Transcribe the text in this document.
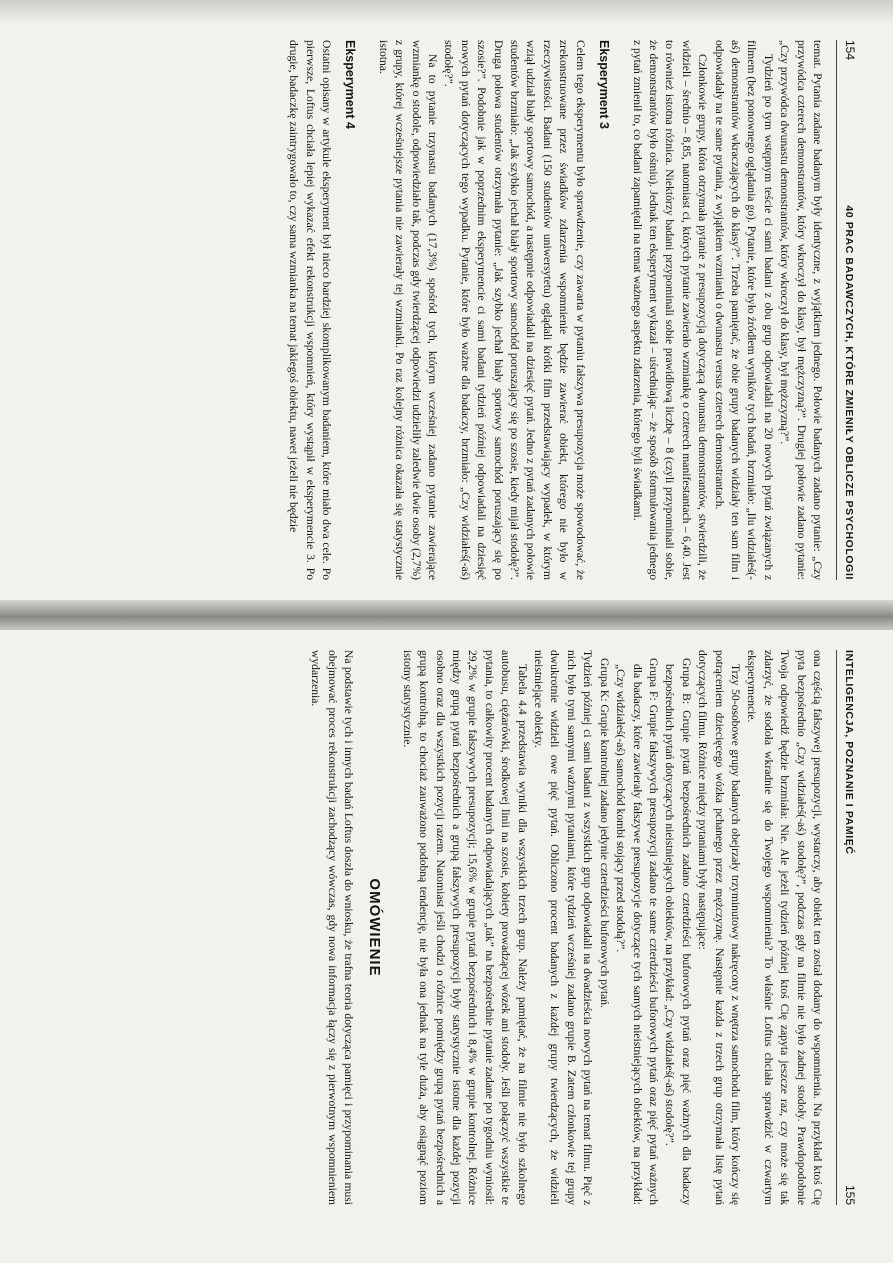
154
40 PRAC BADAWCZYCH, KTÓRE ZMIENIŁY OBLICZE PSYCHOLOGII

temat. Pytania zadane badanym były identyczne, z wyjątkiem jednego. Połowie badanych zadano pytanie: „Czy przywódca czterech demonstrantów, który wkroczył do klasy, był mężczyzną?”. Drugiej połowie zadano pytanie: „Czy przywódca dwunastu demonstrantów, który wkroczył do klasy, był mężczyzną?”.

Tydzień po tym wstępnym teście ci sami badani z obu grup odpowiadali na 20 nowych pytań związanych z filmem (bez ponownego oglądania go). Pytanie, które było źródłem wyników tych badań, brzmiało: „Ilu widziałeś(-aś) demonstrantów wkraczających do klasy?”. Trzeba pamiętać, że obie grupy badanych widziały ten sam film i odpowiadały na te same pytania, z wyjątkiem wzmianki o dwunastu versus czterech demonstrantach.

Członkowie grupy, która otrzymała pytanie z presupozycją dotyczącą dwunastu demonstrantów, stwierdzili, że widzieli – średnio – 8,85, natomiast ci, których pytanie zawierało wzmiankę o czterech manifestantach – 6,40. Jest to również istotna różnica. Niektórzy badani przypominali sobie prawidłową liczbę – 8 (czyli przypominali sobie, że demonstrantów było ośmiu). Jednak ten eksperyment wykazał – uśredniając – że sposób sformułowania jednego z pytań zmienił to, co badani zapamiętali na temat ważnego aspektu zdarzenia, którego byli świadkami.

Eksperyment 3

Celem tego eksperymentu było sprawdzenie, czy zawarta w pytaniu fałszywa presupozycja może spowodować, że zrekonstruowane przez świadków zdarzenia wspomnienie będzie zawierać obiekt, którego nie było w rzeczywistości. Badani (150 studentów uniwersytetu) oglądali krótki film przedstawiający wypadek, w którym wziął udział biały sportowy samochód, a następnie odpowiadali na dziesięć pytań. Jedno z pytań zadanych połowie studentów brzmiało: „Jak szybko jechał biały sportowy samochód poruszający się po szosie, kiedy mijał stodołę?”. Druga połowa studentów otrzymała pytanie: „Jak szybko jechał biały sportowy samochód poruszający się po szosie?”. Podobnie jak w poprzednim eksperymencie ci sami badani tydzień później odpowiadali na dziesięć nowych pytań dotyczących tego wypadku. Pytanie, które było ważne dla badaczy, brzmiało: „Czy widziałeś(-aś) stodołę?”.

Na to pytanie trzynastu badanych (17,3%) spośród tych, którym wcześniej zadano pytanie zawierające wzmiankę o stodole, odpowiedziało tak, podczas gdy twierdzącej odpowiedzi udzieliły zaledwie dwie osoby (2,7%) z grupy, której wcześniejsze pytania nie zawierały tej wzmianki. Po raz kolejny różnica okazała się statystycznie istotna.

Eksperyment 4

Ostatni opisany w artykule eksperyment był nieco bardziej skomplikowanym badaniem, które miało dwa cele. Po pierwsze, Loftus chciała lepiej wykazać efekt rekonstrukcji wspomnień, który wystąpił w eksperymencie 3. Po drugie, badaczkę zaintrygowało to, czy sama wzmianka na temat jakiegoś obiektu, nawet jeżeli nie będzie

INTELIGENCJA, POZNANIE I PAMIĘĆ
155

ona częścią fałszywej presupozycji, wystarczy, aby obiekt ten został dodany do wspomnienia. Na przykład ktoś Cię pyta bezpośrednio „Czy widziałeś(-aś) stodołę?”, podczas gdy na filmie nie było żadnej stodoły. Prawdopodobnie Twoja odpowiedź będzie brzmiała: Nie. Ale jeżeli tydzień później ktoś Cię zapyta jeszcze raz, czy może się tak zdarzyć, że stodoła wkradnie się do Twojego wspomnienia? To właśnie Loftus chciała sprawdzić w czwartym eksperymencie.

Trzy 50-osobowe grupy badanych obejrzały trzyminutowy nakręcony z wnętrza samochodu film, który kończy się potrąceniem dziecięcego wózka pchanego przez mężczyznę. Następnie każda z trzech grup otrzymała listę pytań dotyczących filmu. Różnice między pytaniami były następujące:

Grupa B: Grupie pytań bezpośrednich zadano czterdzieści buforowych pytań oraz pięć ważnych dla badaczy bezpośrednich pytań dotyczących nieistniejących obiektów, na przykład: „Czy widziałeś(-aś) stodołę?”.
Grupa F: Grupie fałszywych presupozycji zadano te same czterdzieści buforowych pytań oraz pięć pytań ważnych dla badaczy, które zawierały fałszywe presupozycje dotyczące tych samych nieistniejących obiektów, na przykład: „Czy widziałeś(-aś) samochód kombi stojący przed stodołą?”.
Grupa K: Grupie kontrolnej zadano jedynie czterdzieści buforowych pytań.

Tydzień później ci sami badani z wszystkich grup odpowiadali na dwadzieścia nowych pytań na temat filmu. Pięć z nich było tymi samymi ważnymi pytaniami, które tydzień wcześniej zadano grupie B. Zatem członkowie tej grupy dwukrotnie widzieli owe pięć pytań. Obliczono procent badanych z każdej grupy twierdzących, że widzieli nieistniejące obiekty.

Tabela 4.4 przedstawia wyniki dla wszystkich trzech grup. Należy pamiętać, że na filmie nie było szkolnego autobusu, ciężarówki, środkowej linii na szosie, kobiety prowadzącej wózek ani stodoły. Jeśli połączyć wszystkie te pytania, to całkowity procent badanych odpowiadających „tak” na bezpośrednie pytanie zadane po tygodniu wyniosił: 29,2% w grupie fałszywych presupozycji; 15,6% w grupie pytań bezpośrednich i 8,4% w grupie kontrolnej. Różnice między grupą pytań bezpośrednich a grupą fałszywych presupozycji były statystycznie istotne dla każdej pozycji osobno oraz dla wszystkich pozycji razem. Natomiast jeśli chodzi o różnice pomiędzy grupą pytań bezpośrednich a grupą kontrolną, to chociaż zauważono podobną tendencję, nie była ona jednak na tyle duża, aby osiągnąć poziom istotny statystycznie.

OMÓWIENIE

Na podstawie tych i innych badań Loftus doszła do wniosku, że trafna teoria dotycząca pamięci i przypominania musi obejmować proces rekonstrukcji zachodzący wówczas, gdy nowa informacja łączy się z pierwotnym wspomnieniem wydarzenia.
